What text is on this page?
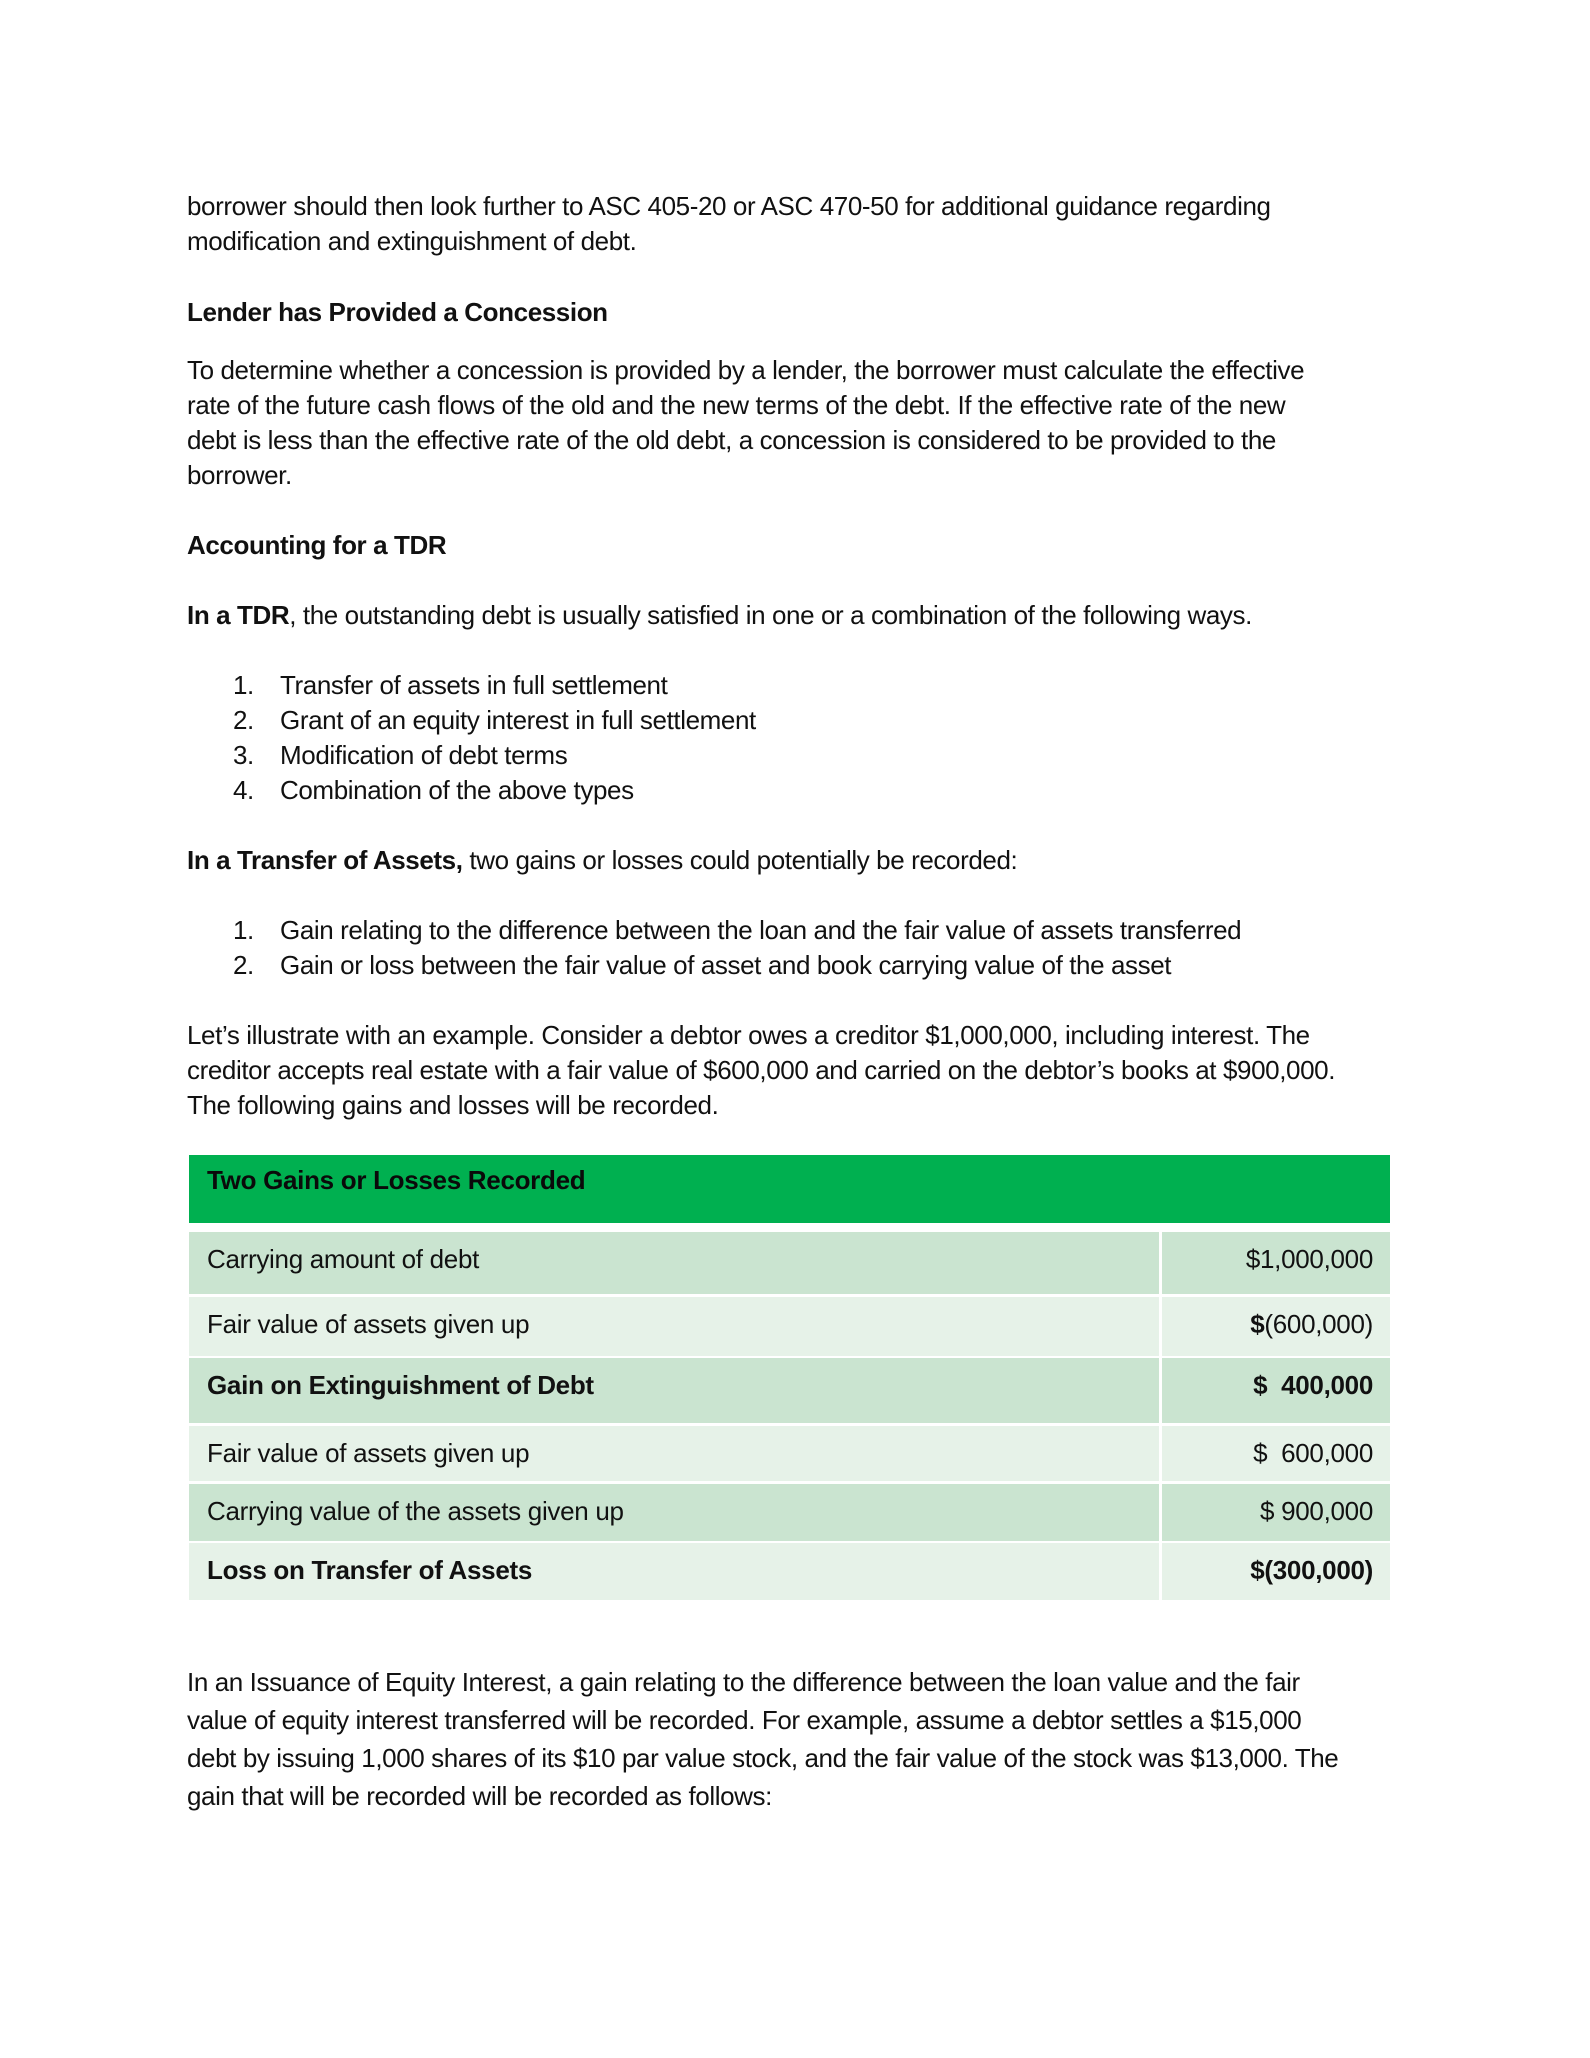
borrower should then look further to ASC 405-20 or ASC 470-50 for additional guidance regarding
modification and extinguishment of debt.
Lender has Provided a Concession
To determine whether a concession is provided by a lender, the borrower must calculate the effective
rate of the future cash flows of the old and the new terms of the debt. If the effective rate of the new
debt is less than the effective rate of the old debt, a concession is considered to be provided to the
borrower.
Accounting for a TDR
In a TDR, the outstanding debt is usually satisfied in one or a combination of the following ways.
1. Transfer of assets in full settlement
2. Grant of an equity interest in full settlement
3. Modification of debt terms
4. Combination of the above types
In a Transfer of Assets, two gains or losses could potentially be recorded:
1. Gain relating to the difference between the loan and the fair value of assets transferred
2. Gain or loss between the fair value of asset and book carrying value of the asset
Let’s illustrate with an example. Consider a debtor owes a creditor $1,000,000, including interest. The
creditor accepts real estate with a fair value of $600,000 and carried on the debtor’s books at $900,000.
The following gains and losses will be recorded.
In an Issuance of Equity Interest, a gain relating to the difference between the loan value and the fair
value of equity interest transferred will be recorded. For example, assume a debtor settles a $15,000
debt by issuing 1,000 shares of its $10 par value stock, and the fair value of the stock was $13,000. The
gain that will be recorded will be recorded as follows:
Two Gains or Losses Recorded
Carrying amount of debt	$1,000,000
Fair value of assets given up	$(600,000)
Gain on Extinguishment of Debt	$  400,000
Fair value of assets given up	$  600,000
Carrying value of the assets given up	$ 900,000
Loss on Transfer of Assets	$(300,000)
